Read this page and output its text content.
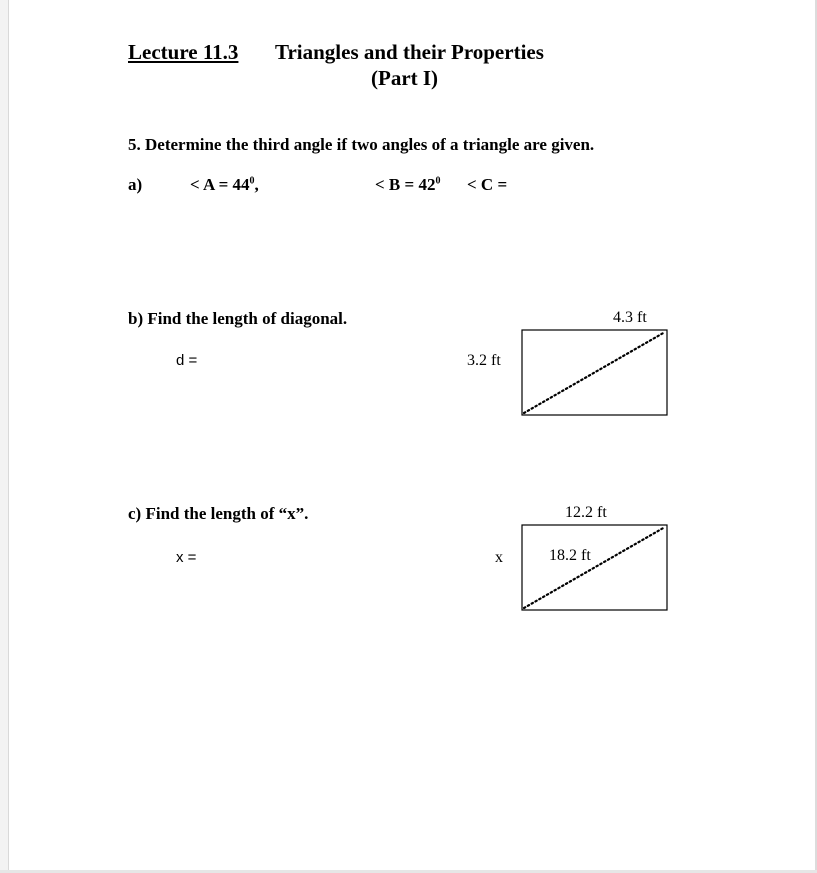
Lecture 11.3 Triangles and their Properties
(Part I)
5. Determine the third angle if two angles of a triangle are given.
a)	< $A = 44^0$,	< $B = 42^0 < C$ =
b) Find the length of diagonal.
d =
4.3 ft
3.2 ft
c) Find the length of “x”.
x =
12.2 ft
x	18.2 ft
